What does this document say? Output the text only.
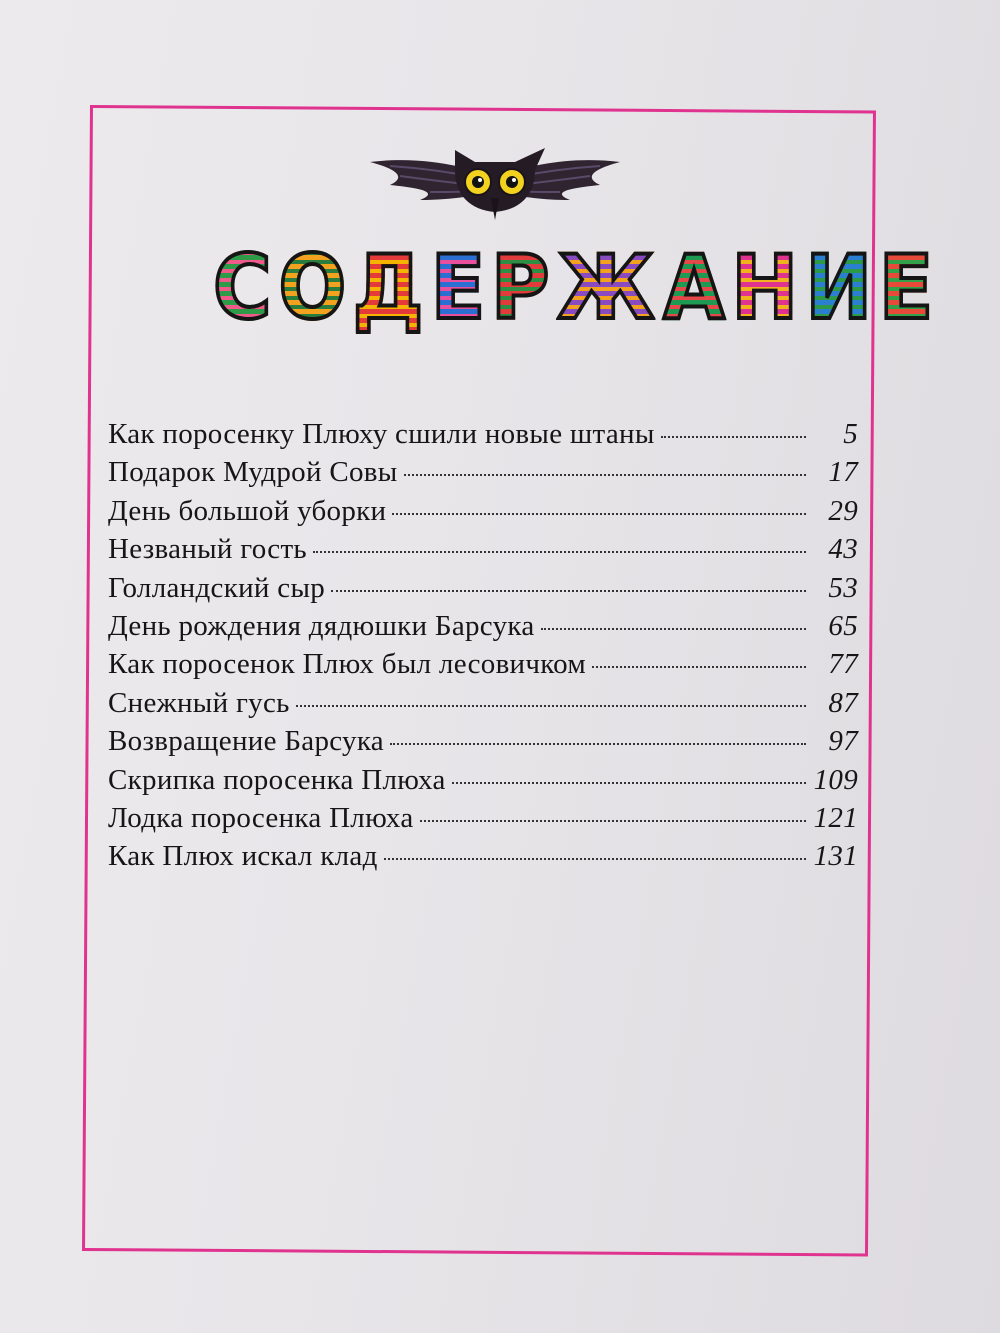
С О Д Е Р Ж А Н И Е
Как поросенку Плюху сшили новые штаны	5
Подарок Мудрой Совы	17
День большой уборки	29
Незваный гость	43
Голландский сыр	53
День рождения дядюшки Барсука	65
Как поросенок Плюх был лесовичком	77
Снежный гусь	87
Возвращение Барсука	97
Скрипка поросенка Плюха	109
Лодка поросенка Плюха	121
Как Плюх искал клад	131
